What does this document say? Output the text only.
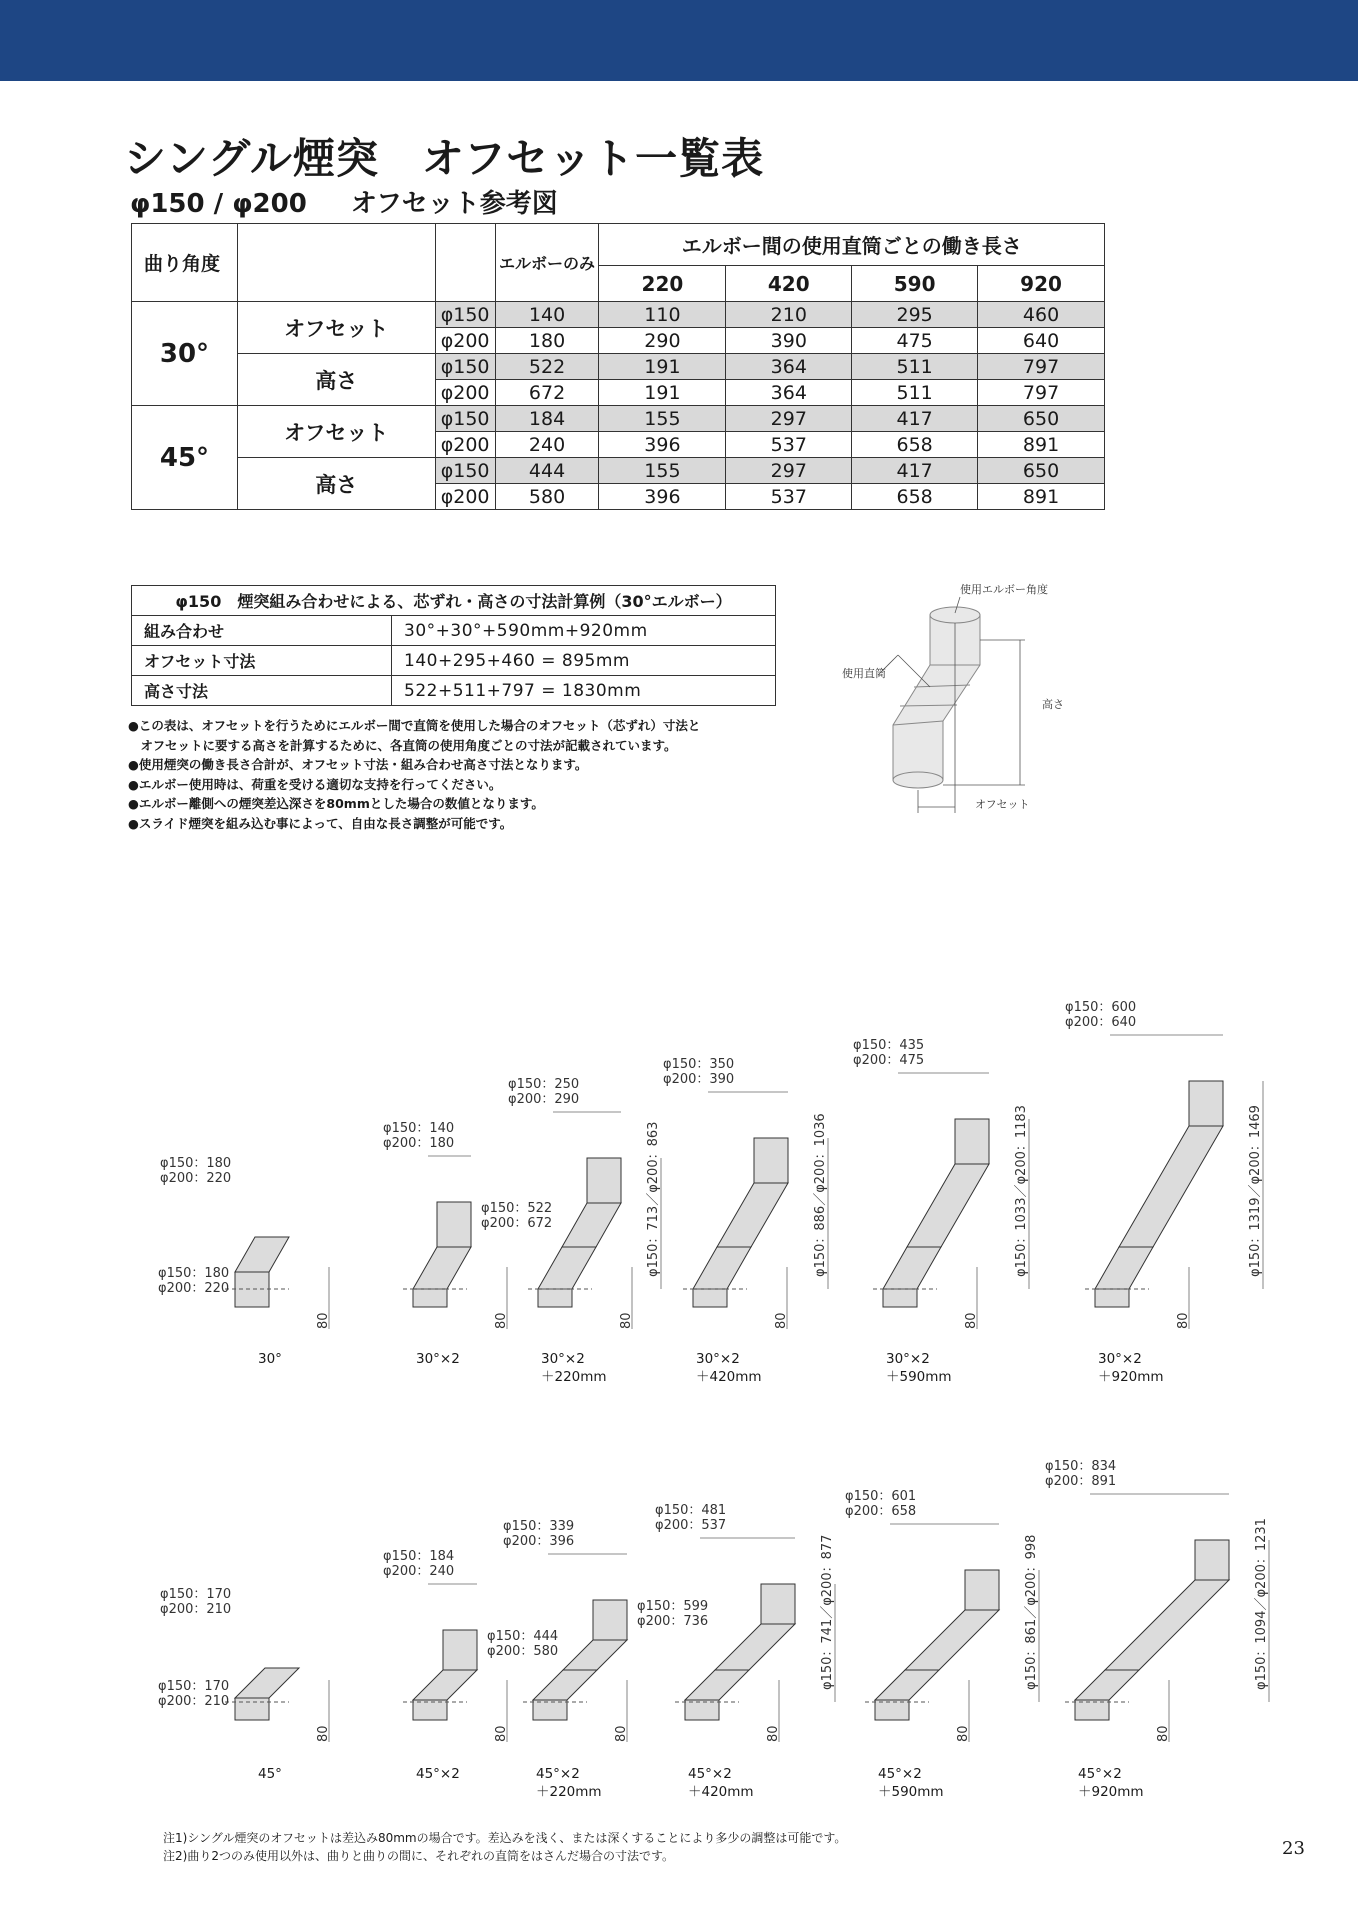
シングル煙突　オフセット一覧表
φ150 / φ200 オフセット参考図
曲り角度			エルボーのみ	エルボー間の使用直筒ごとの働き長さ			
				220	420	590	920
30°	オフセット	φ150	140	110	210	295	460
		φ200	180	290	390	475	640
	高さ	φ150	522	191	364	511	797
		φ200	672	191	364	511	797
45°	オフセット	φ150	184	155	297	417	650
		φ200	240	396	537	658	891
	高さ	φ150	444	155	297	417	650
		φ200	580	396	537	658	891
φ150　煙突組み合わせによる、芯ずれ・高さの寸法計算例（30°エルボー）	
組み合わせ	30°+30°+590mm+920mm
オフセット寸法	140+295+460 = 895mm
高さ寸法	522+511+797 = 1830mm
●この表は、オフセットを行うためにエルボー間で直筒を使用した場合のオフセット（芯ずれ）寸法と
　オフセットに要する高さを計算するために、各直筒の使用角度ごとの寸法が記載されています。
●使用煙突の働き長さ合計が、オフセット寸法・組み合わせ高さ寸法となります。
●エルボー使用時は、荷重を受ける適切な支持を行ってください。
●エルボー離側への煙突差込深さを80mmとした場合の数値となります。
●スライド煙突を組み込む事によって、自由な長さ調整が可能です。
使用エルボー角度
使用直筒
高さ
オフセット
80
φ150：180
φ200：220
φ150：180
φ200：220
80
φ150：140
φ200：180
φ150：522
φ200：672
80
φ150：250
φ200：290
φ150：713／φ200：863
80
φ150：350
φ200：390
φ150：886／φ200：1036
80
φ150：435
φ200：475
φ150：1033／φ200：1183
80
φ150：600
φ200：640
φ150：1319／φ200：1469
80
φ150：170
φ200：210
φ150：170
φ200：210
80
φ150：184
φ200：240
φ150：444
φ200：580
80
φ150：339
φ200：396
φ150：599
φ200：736
80
φ150：481
φ200：537
φ150：741／φ200：877
80
φ150：601
φ200：658
φ150：861／φ200：998
80
φ150：834
φ200：891
φ150：1094／φ200：1231
30°	30°×2	30°×2
＋220mm
30°×2
＋420mm
30°×2
＋590mm
30°×2
＋920mm
45°	45°×2	45°×2
＋220mm
45°×2
＋420mm
45°×2
＋590mm
45°×2
＋920mm
注1)シングル煙突のオフセットは差込み80mmの場合です。差込みを浅く、または深くすることにより多少の調整は可能です。
注2)曲り2つのみ使用以外は、曲りと曲りの間に、それぞれの直筒をはさんだ場合の寸法です。	23
